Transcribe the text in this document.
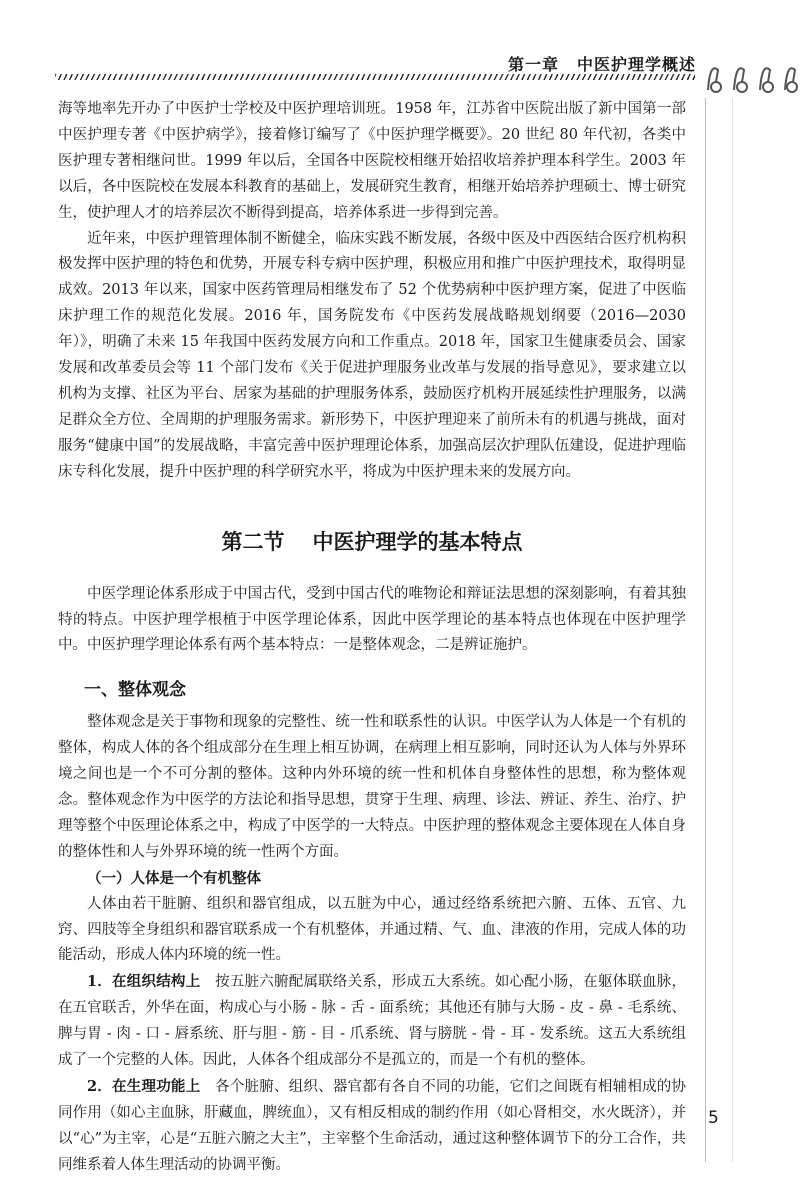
第一章 中医护理学概述

海等地率先开办了中医护士学校及中医护理培训班。1958 年，江苏省中医院出版了新中国第一部中医护理专著《中医护病学》，接着修订编写了《中医护理学概要》。20 世纪 80 年代初，各类中医护理专著相继问世。1999 年以后，全国各中医院校相继开始招收培养护理本科学生。2003 年以后，各中医院校在发展本科教育的基础上，发展研究生教育，相继开始培养护理硕士、博士研究生，使护理人才的培养层次不断得到提高，培养体系进一步得到完善。

近年来，中医护理管理体制不断健全，临床实践不断发展，各级中医及中西医结合医疗机构积极发挥中医护理的特色和优势，开展专科专病中医护理，积极应用和推广中医护理技术，取得明显成效。2013 年以来，国家中医药管理局相继发布了 52 个优势病种中医护理方案，促进了中医临床护理工作的规范化发展。2016 年，国务院发布《中医药发展战略规划纲要（2016—2030 年）》，明确了未来 15 年我国中医药发展方向和工作重点。2018 年，国家卫生健康委员会、国家发展和改革委员会等 11 个部门发布《关于促进护理服务业改革与发展的指导意见》，要求建立以机构为支撑、社区为平台、居家为基础的护理服务体系，鼓励医疗机构开展延续性护理服务，以满足群众全方位、全周期的护理服务需求。新形势下，中医护理迎来了前所未有的机遇与挑战，面对服务“健康中国”的发展战略，丰富完善中医护理理论体系，加强高层次护理队伍建设，促进护理临床专科化发展，提升中医护理的科学研究水平，将成为中医护理未来的发展方向。

第二节 中医护理学的基本特点

中医学理论体系形成于中国古代，受到中国古代的唯物论和辩证法思想的深刻影响，有着其独特的特点。中医护理学根植于中医学理论体系，因此中医学理论的基本特点也体现在中医护理学中。中医护理学理论体系有两个基本特点：一是整体观念，二是辨证施护。

一、整体观念

整体观念是关于事物和现象的完整性、统一性和联系性的认识。中医学认为人体是一个有机的整体，构成人体的各个组成部分在生理上相互协调，在病理上相互影响，同时还认为人体与外界环境之间也是一个不可分割的整体。这种内外环境的统一性和机体自身整体性的思想，称为整体观念。整体观念作为中医学的方法论和指导思想，贯穿于生理、病理、诊法、辨证、养生、治疗、护理等整个中医理论体系之中，构成了中医学的一大特点。中医护理的整体观念主要体现在人体自身的整体性和人与外界环境的统一性两个方面。

（一）人体是一个有机整体

人体由若干脏腑、组织和器官组成，以五脏为中心，通过经络系统把六腑、五体、五官、九窍、四肢等全身组织和器官联系成一个有机整体，并通过精、气、血、津液的作用，完成人体的功能活动，形成人体内环境的统一性。

1．在组织结构上　 按五脏六腑配属联络关系，形成五大系统。如心配小肠，在躯体联血脉，在五官联舌，外华在面，构成心与小肠 - 脉 - 舌 - 面系统；其他还有肺与大肠 - 皮 - 鼻 - 毛系统、脾与胃 - 肉 - 口 - 唇系统、肝与胆 - 筋 - 目 - 爪系统、肾与膀胱 - 骨 - 耳 - 发系统。这五大系统组成了一个完整的人体。因此，人体各个组成部分不是孤立的，而是一个有机的整体。

2．在生理功能上　 各个脏腑、组织、器官都有各自不同的功能，它们之间既有相辅相成的协同作用（如心主血脉，肝藏血，脾统血），又有相反相成的制约作用（如心肾相交，水火既济），并以“心”为主宰，心是“五脏六腑之大主”，主宰整个生命活动，通过这种整体调节下的分工合作，共同维系着人体生理活动的协调平衡。

5
